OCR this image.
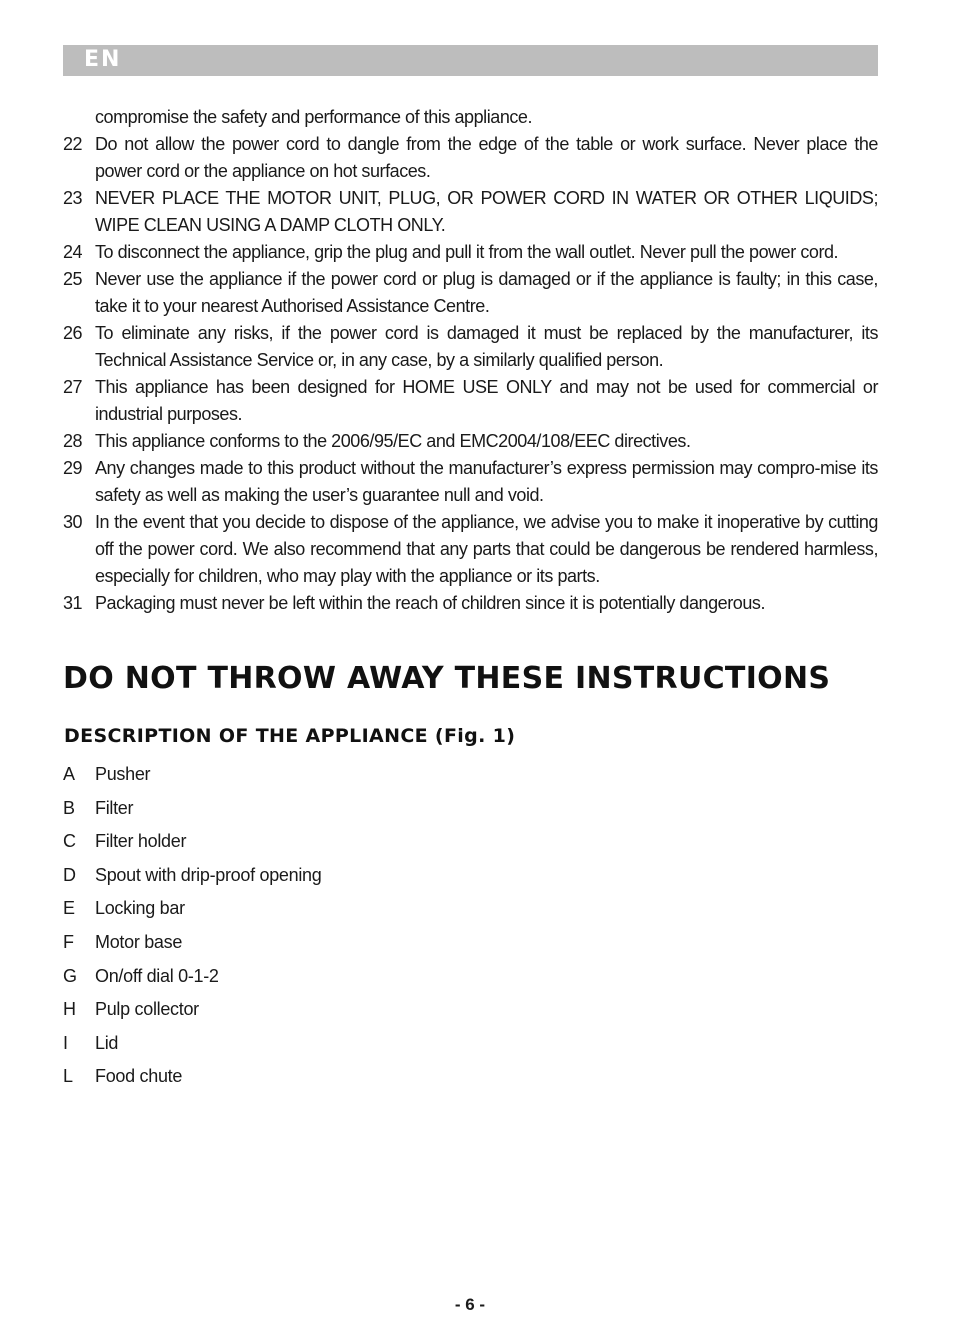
EN
compromise the safety and performance of this appliance.
22 Do not allow the power cord to dangle from the edge of the table or work surface. Never place the power cord or the appliance on hot surfaces.
23 NEVER PLACE THE MOTOR UNIT, PLUG, OR POWER CORD IN WATER OR OTHER LIQUIDS; WIPE CLEAN USING A DAMP CLOTH ONLY.
24 To disconnect the appliance, grip the plug and pull it from the wall outlet. Never pull the power cord.
25 Never use the appliance if the power cord or plug is damaged or if the appliance is faulty; in this case, take it to your nearest Authorised Assistance Centre.
26 To eliminate any risks, if the power cord is damaged it must be replaced by the manufacturer, its Technical Assistance Service or, in any case, by a similarly qualified person.
27 This appliance has been designed for HOME USE ONLY and may not be used for commercial or industrial purposes.
28 This appliance conforms to the 2006/95/EC and EMC2004/108/EEC directives.
29 Any changes made to this product without the manufacturer’s express permission may compro-mise its safety as well as making the user’s guarantee null and void.
30 In the event that you decide to dispose of the appliance, we advise you to make it inoperative by cutting off the power cord. We also recommend that any parts that could be dangerous be rendered harmless, especially for children, who may play with the appliance or its parts.
31 Packaging must never be left within the reach of children since it is potentially dangerous.
DO NOT THROW AWAY THESE INSTRUCTIONS
DESCRIPTION OF THE APPLIANCE (Fig. 1)
A	Pusher
B	Filter
C	Filter holder
D	Spout with drip-proof opening
E	Locking bar
F	Motor base
G	On/off dial 0-1-2
H	Pulp collector
I	Lid
L	Food chute
- 6 -
